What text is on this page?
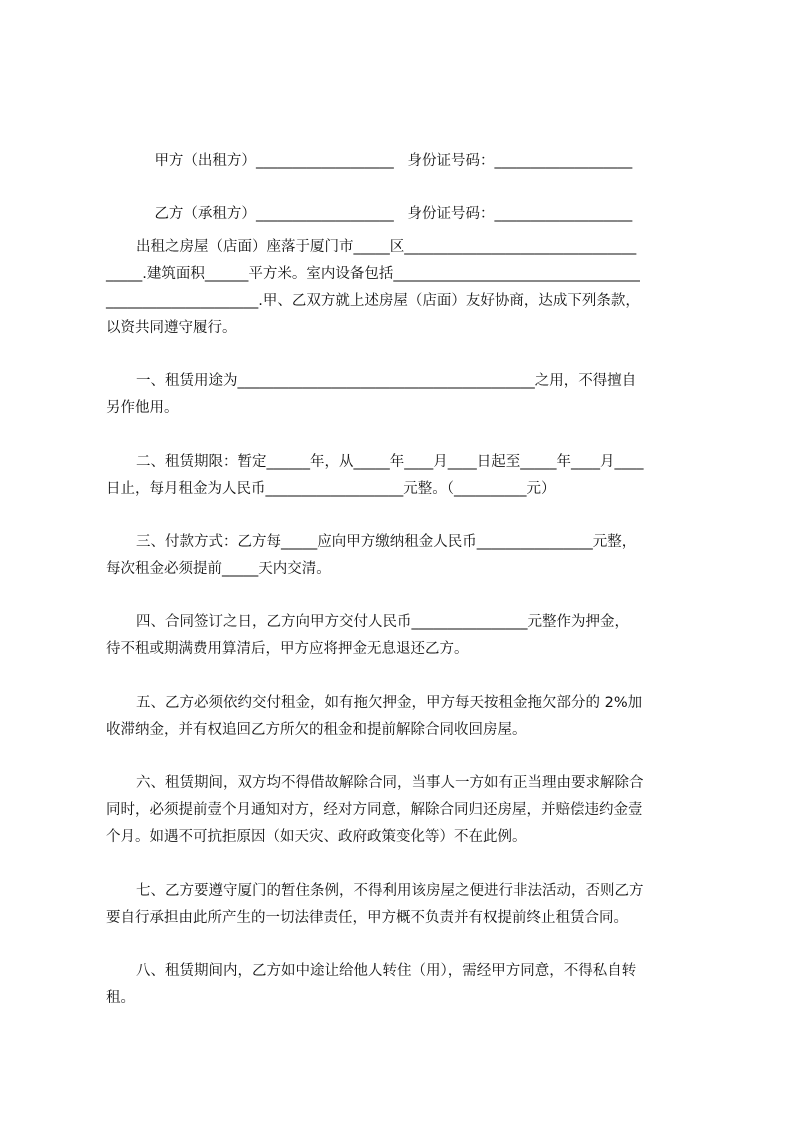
甲方（出租方）___________________ 身份证号码：___________________

乙方（承租方）___________________ 身份证号码：___________________

出租之房屋（店面）座落于厦门市_____区________________________________
_____.建筑面积______平方米。室内设备包括__________________________________
_____________________.甲、乙双方就上述房屋（店面）友好协商，达成下列条款，
以资共同遵守履行。
一、租赁用途为_________________________________________之用，不得擅自
另作他用。
二、租赁期限：暂定______年，从_____年____月____日起至_____年____月____
日止，每月租金为人民币___________________元整。（__________元）
三、付款方式：乙方每_____应向甲方缴纳租金人民币________________元整，
每次租金必须提前_____天内交清。
四、合同签订之日，乙方向甲方交付人民币________________元整作为押金，
待不租或期满费用算清后，甲方应将押金无息退还乙方。
五、乙方必须依约交付租金，如有拖欠押金，甲方每天按租金拖欠部分的 2%加
收滞纳金，并有权追回乙方所欠的租金和提前解除合同收回房屋。
六、租赁期间，双方均不得借故解除合同，当事人一方如有正当理由要求解除合
同时，必须提前壹个月通知对方，经对方同意，解除合同归还房屋，并赔偿违约金壹
个月。如遇不可抗拒原因（如天灾、政府政策变化等）不在此例。
七、乙方要遵守厦门的暂住条例，不得利用该房屋之便进行非法活动，否则乙方
要自行承担由此所产生的一切法律责任，甲方概不负责并有权提前终止租赁合同。
八、租赁期间内，乙方如中途让给他人转住（用），需经甲方同意，不得私自转
租。
